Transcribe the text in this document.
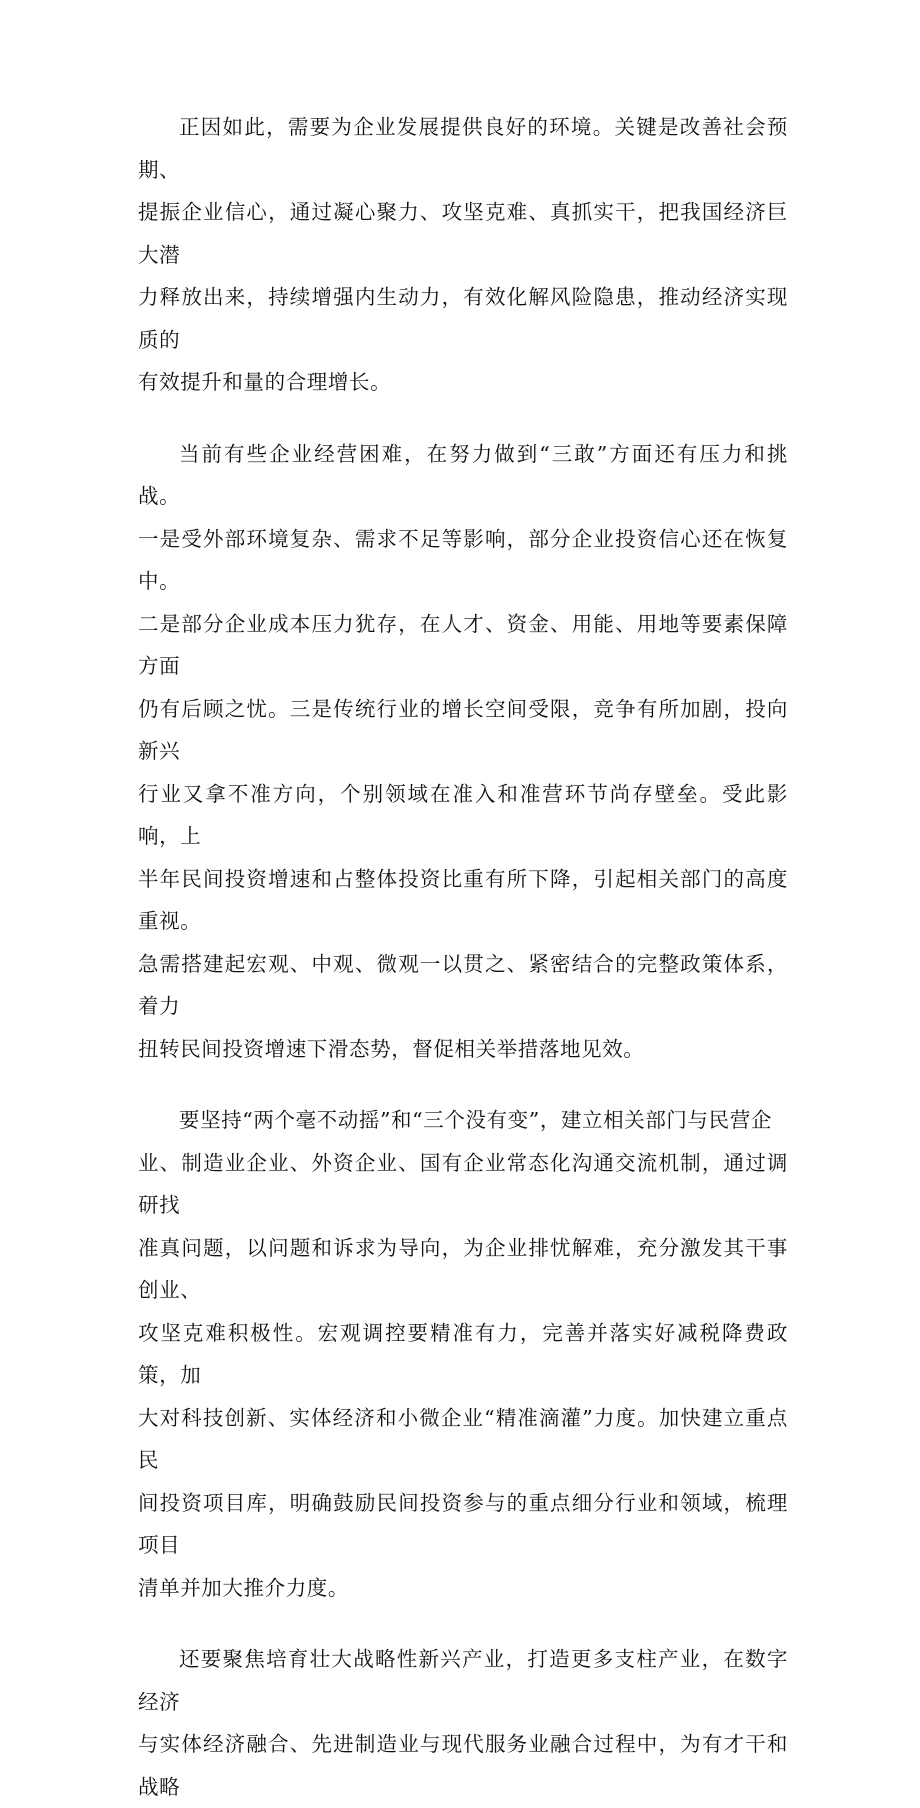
正因如此，需要为企业发展提供良好的环境。关键是改善社会预期、
提振企业信心，通过凝心聚力、攻坚克难、真抓实干，把我国经济巨大潜
力释放出来，持续增强内生动力，有效化解风险隐患，推动经济实现质的
有效提升和量的合理增长。

当前有些企业经营困难，在努力做到“三敢”方面还有压力和挑战。
一是受外部环境复杂、需求不足等影响，部分企业投资信心还在恢复中。
二是部分企业成本压力犹存，在人才、资金、用能、用地等要素保障方面
仍有后顾之忧。三是传统行业的增长空间受限，竞争有所加剧，投向新兴
行业又拿不准方向，个别领域在准入和准营环节尚存壁垒。受此影响，上
半年民间投资增速和占整体投资比重有所下降，引起相关部门的高度重视。
急需搭建起宏观、中观、微观一以贯之、紧密结合的完整政策体系，着力
扭转民间投资增速下滑态势，督促相关举措落地见效。

要坚持“两个毫不动摇”和“三个没有变”，建立相关部门与民营企
业、制造业企业、外资企业、国有企业常态化沟通交流机制，通过调研找
准真问题，以问题和诉求为导向，为企业排忧解难，充分激发其干事创业、
攻坚克难积极性。宏观调控要精准有力，完善并落实好减税降费政策，加
大对科技创新、实体经济和小微企业“精准滴灌”力度。加快建立重点民
间投资项目库，明确鼓励民间投资参与的重点细分行业和领域，梳理项目
清单并加大推介力度。

还要聚焦培育壮大战略性新兴产业，打造更多支柱产业，在数字经济
与实体经济融合、先进制造业与现代服务业融合过程中，为有才干和战略
